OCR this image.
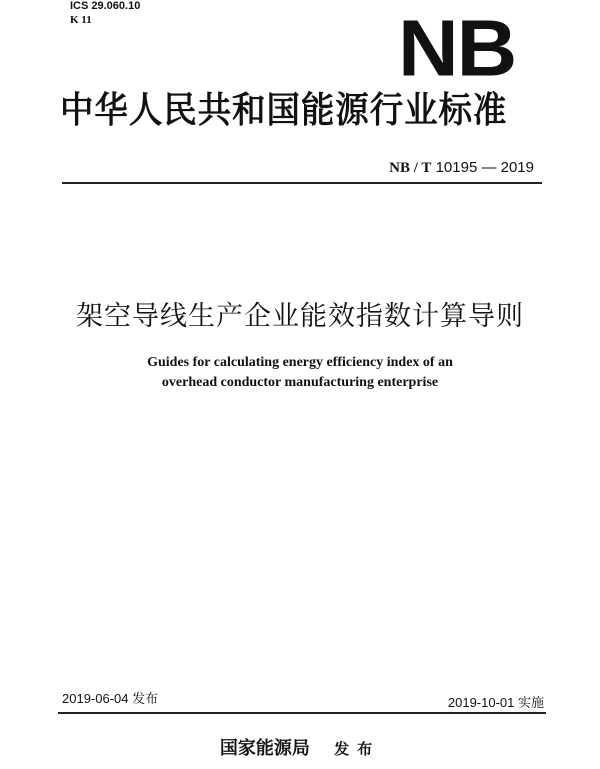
ICS 29.060.10
K 11	NB
中华人民共和国能源行业标准
NB / T 10195 — 2019
架空导线生产企业能效指数计算导则
Guides for calculating energy efficiency index of an
overhead conductor manufacturing enterprise
2019-06-04 发布	2019-10-01 实施
国家能源局 发布
